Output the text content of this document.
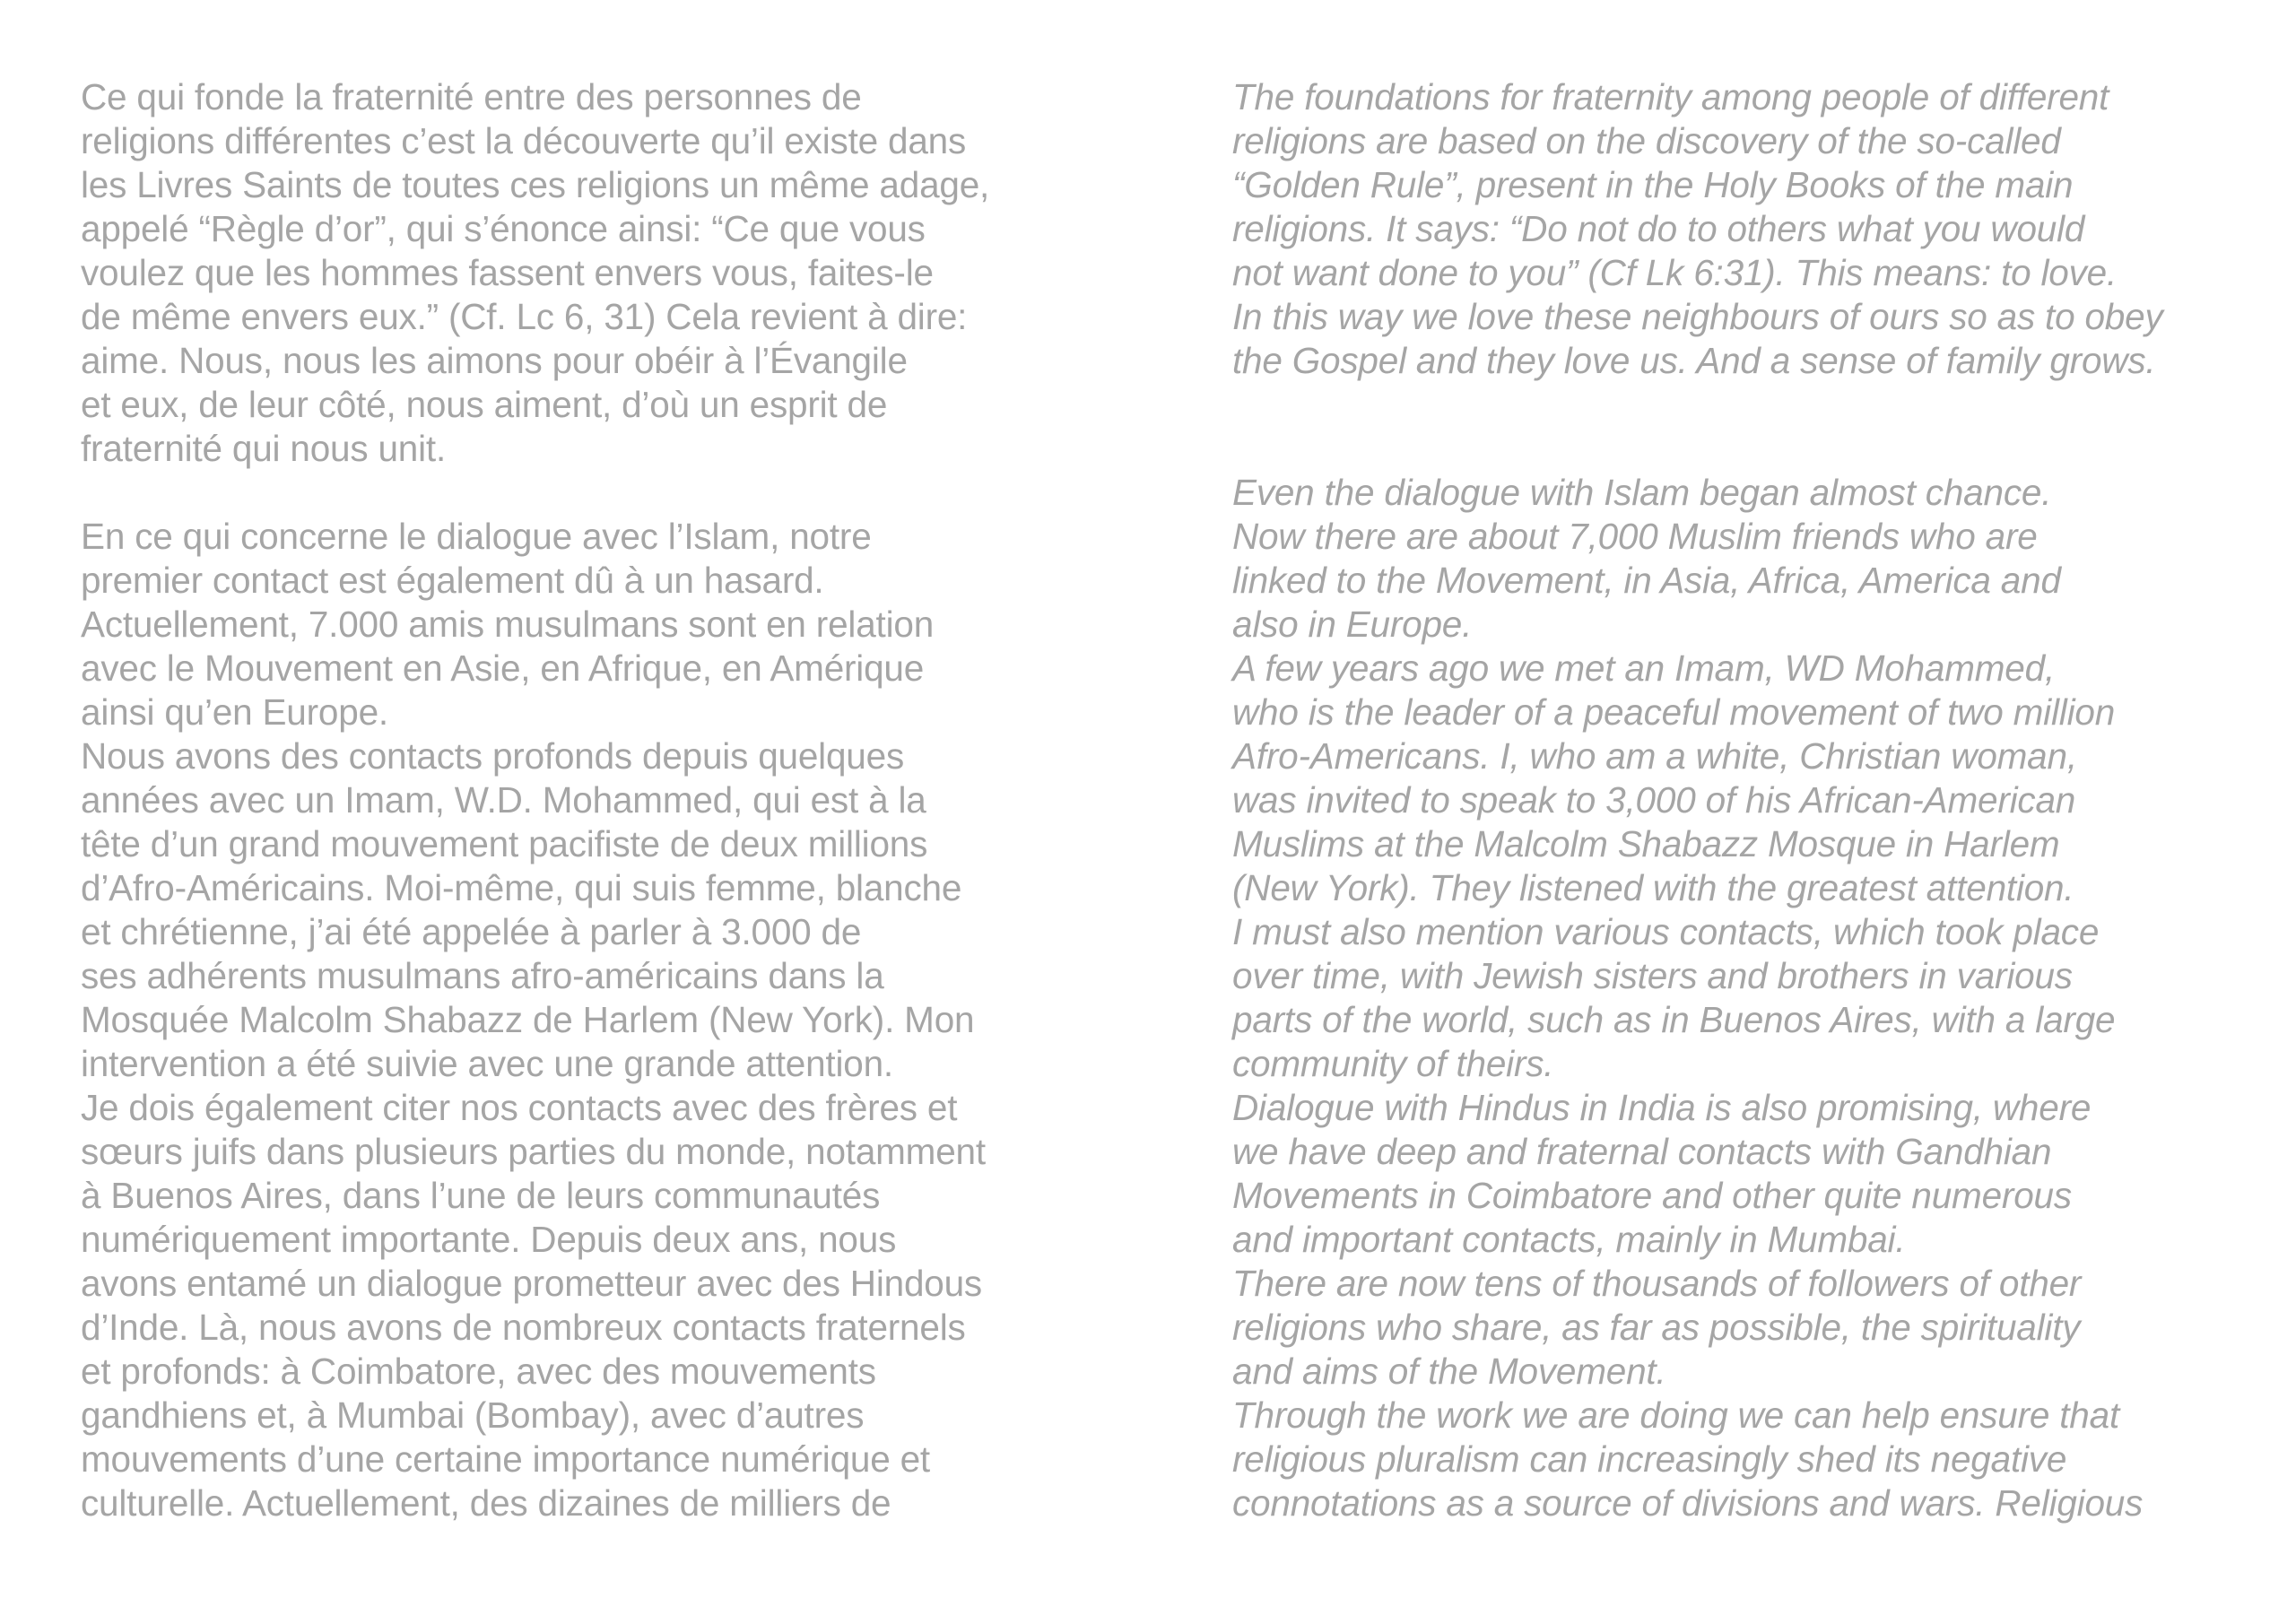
Ce qui fonde la fraternité entre des personnes de
religions différentes c’est la découverte qu’il existe dans
les Livres Saints de toutes ces religions un même adage,
appelé “Règle d’or”, qui s’énonce ainsi: “Ce que vous
voulez que les hommes fassent envers vous, faites-le
de même envers eux.” (Cf. Lc 6, 31) Cela revient à dire:
aime. Nous, nous les aimons pour obéir à l’Évangile
et eux, de leur côté, nous aiment, d’où un esprit de
fraternité qui nous unit.
En ce qui concerne le dialogue avec l’Islam, notre
premier contact est également dû à un hasard.
Actuellement, 7.000 amis musulmans sont en relation
avec le Mouvement en Asie, en Afrique, en Amérique
ainsi qu’en Europe.
Nous avons des contacts profonds depuis quelques
années avec un Imam, W.D. Mohammed, qui est à la
tête d’un grand mouvement pacifiste de deux millions
d’Afro-Américains. Moi-même, qui suis femme, blanche
et chrétienne, j’ai été appelée à parler à 3.000 de
ses adhérents musulmans afro-américains dans la
Mosquée Malcolm Shabazz de Harlem (New York). Mon
intervention a été suivie avec une grande attention.
Je dois également citer nos contacts avec des frères et
sœurs juifs dans plusieurs parties du monde, notamment
à Buenos Aires, dans l’une de leurs communautés
numériquement importante. Depuis deux ans, nous
avons entamé un dialogue prometteur avec des Hindous
d’Inde. Là, nous avons de nombreux contacts fraternels
et profonds: à Coimbatore, avec des mouvements
gandhiens et, à Mumbai (Bombay), avec d’autres
mouvements d’une certaine importance numérique et
culturelle. Actuellement, des dizaines de milliers de
The foundations for fraternity among people of different
religions are based on the discovery of the so-called
“Golden Rule”, present in the Holy Books of the main
religions. It says: “Do not do to others what you would
not want done to you” (Cf Lk 6:31). This means: to love.
In this way we love these neighbours of ours so as to obey
the Gospel and they love us. And a sense of family grows.
Even the dialogue with Islam began almost chance.
Now there are about 7,000 Muslim friends who are
linked to the Movement, in Asia, Africa, America and
also in Europe.
A few years ago we met an Imam, WD Mohammed,
who is the leader of a peaceful movement of two million
Afro-Americans. I, who am a white, Christian woman,
was invited to speak to 3,000 of his African-American
Muslims at the Malcolm Shabazz Mosque in Harlem
(New York). They listened with the greatest attention.
I must also mention various contacts, which took place
over time, with Jewish sisters and brothers in various
parts of the world, such as in Buenos Aires, with a large
community of theirs.
Dialogue with Hindus in India is also promising, where
we have deep and fraternal contacts with Gandhian
Movements in Coimbatore and other quite numerous
and important contacts, mainly in Mumbai.
There are now tens of thousands of followers of other
religions who share, as far as possible, the spirituality
and aims of the Movement.
Through the work we are doing we can help ensure that
religious pluralism can increasingly shed its negative
connotations as a source of divisions and wars. Religious
